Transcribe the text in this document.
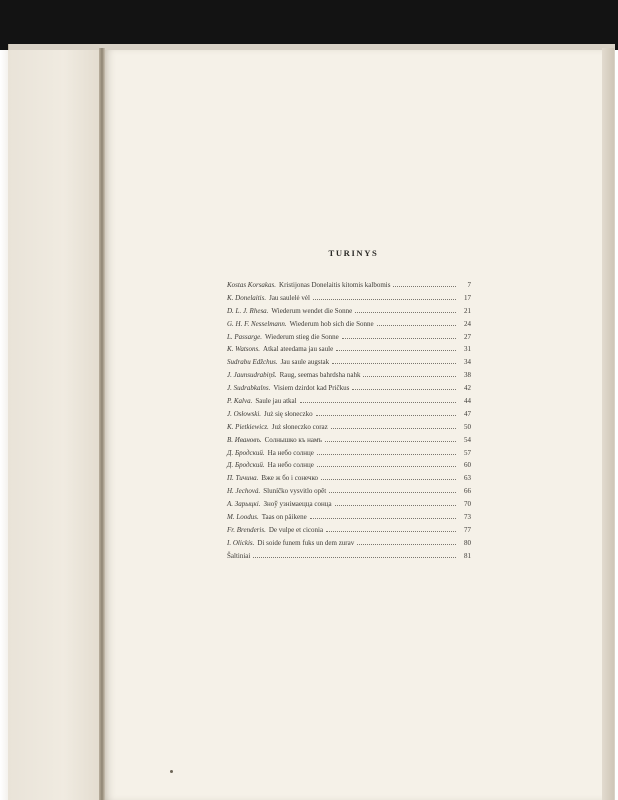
TURINYS
Kostas Korsakas. Kristijonas Donelaitis kitomis kalbomis	7
K. Donelaitis. Jau saulelė vėl	17
D. L. J. Rhesa. Wiederum wendet die Sonne	21
G. H. F. Nesselmann. Wiederum hob sich die Sonne	24
L. Passarge. Wiederum stieg die Sonne	27
K. Watsons. Atkal ateedama jau saule	31
Sudrabu Edžchus. Jau saule augstak	34
J. Jaunsudrabiņš. Raug, seemas bahrdsha nahk	38
J. Sudrabkalns. Visiem dzirdot kad Pričkus	42
P. Kalva. Saule jau atkal	44
J. Osłowski. Już się słoneczko	47
K. Pietkiewicz. Już słoneczko coraz	50
В. Ивановъ. Солнышко къ намъ	54
Д. Бродский. На небо солнце	57
Д. Бродский. На небо солнце	60
П. Тичина. Вже ж бо і сонечко	63
H. Jechová. Sluníčko vysvitlo opět	66
А. Зарыцкі. Зноў узнімаецца сонца	70
M. Loodus. Taas on päikene	73
Fr. Brenderis. De vulpe et ciconia	77
I. Olickis. Di soide funem fuks un dem zurav	80
Šaltiniai	81
